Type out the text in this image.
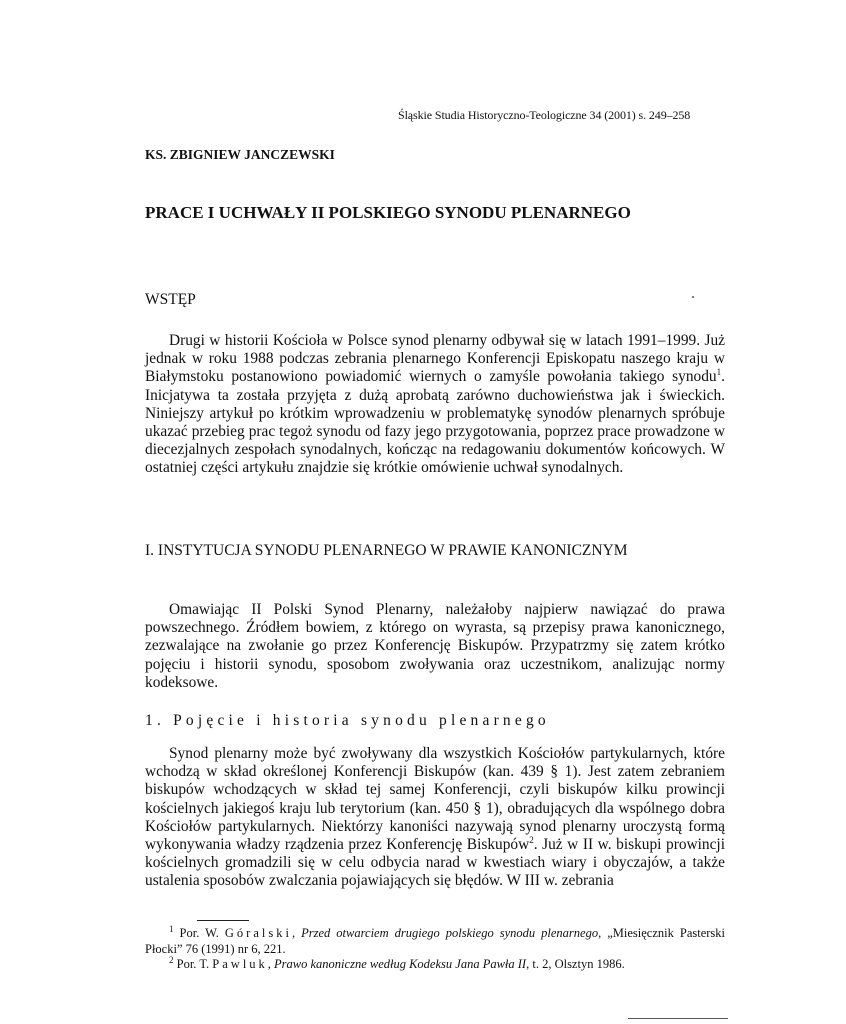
Śląskie Studia Historyczno-Teologiczne 34 (2001) s. 249–258
KS. ZBIGNIEW JANCZEWSKI
PRACE I UCHWAŁY II POLSKIEGO SYNODU PLENARNEGO
WSTĘP
Drugi w historii Kościoła w Polsce synod plenarny odbywał się w latach 1991–1999. Już jednak w roku 1988 podczas zebrania plenarnego Konferencji Episkopatu naszego kraju w Białymstoku postanowiono powiadomić wiernych o zamyśle powołania takiego synodu$^1$. Inicjatywa ta została przyjęta z dużą aprobatą zarówno duchowieństwa jak i świeckich. Niniejszy artykuł po krótkim wprowadzeniu w problematykę synodów plenarnych spróbuje ukazać przebieg prac tegoż synodu od fazy jego przygotowania, poprzez prace prowadzone w diecezjalnych zespołach synodalnych, kończąc na redagowaniu dokumentów końcowych. W ostatniej części artykułu znajdzie się krótkie omówienie uchwał synodalnych.
I. INSTYTUCJA SYNODU PLENARNEGO W PRAWIE KANONICZNYM
Omawiając II Polski Synod Plenarny, należałoby najpierw nawiązać do prawa powszechnego. Źródłem bowiem, z którego on wyrasta, są przepisy prawa kanonicznego, zezwalające na zwołanie go przez Konferencję Biskupów. Przypatrzmy się zatem krótko pojęciu i historii synodu, sposobom zwoływania oraz uczestnikom, analizując normy kodeksowe.
1. Pojęcie i historia synodu plenarnego
Synod plenarny może być zwoływany dla wszystkich Kościołów partykularnych, które wchodzą w skład określonej Konferencji Biskupów (kan. 439 § 1). Jest zatem zebraniem biskupów wchodzących w skład tej samej Konferencji, czyli biskupów kilku prowincji kościelnych jakiegoś kraju lub terytorium (kan. 450 § 1), obradujących dla wspólnego dobra Kościołów partykularnych. Niektórzy kanoniści nazywają synod plenarny uroczystą formą wykonywania władzy rządzenia przez Konferencję Biskupów$^2$. Już w II w. biskupi prowincji kościelnych gromadzili się w celu odbycia narad w kwestiach wiary i obyczajów, a także ustalenia sposobów zwalczania pojawiających się błędów. W III w. zebrania

$^1$ Por. W. Góralski, Przed otwarciem drugiego polskiego synodu plenarnego, „Miesięcznik Pasterski Płocki” 76 (1991) nr 6, 221.

$^2$ Por. T. Pawluk, Prawo kanoniczne według Kodeksu Jana Pawła II, t. 2, Olsztyn 1986.
